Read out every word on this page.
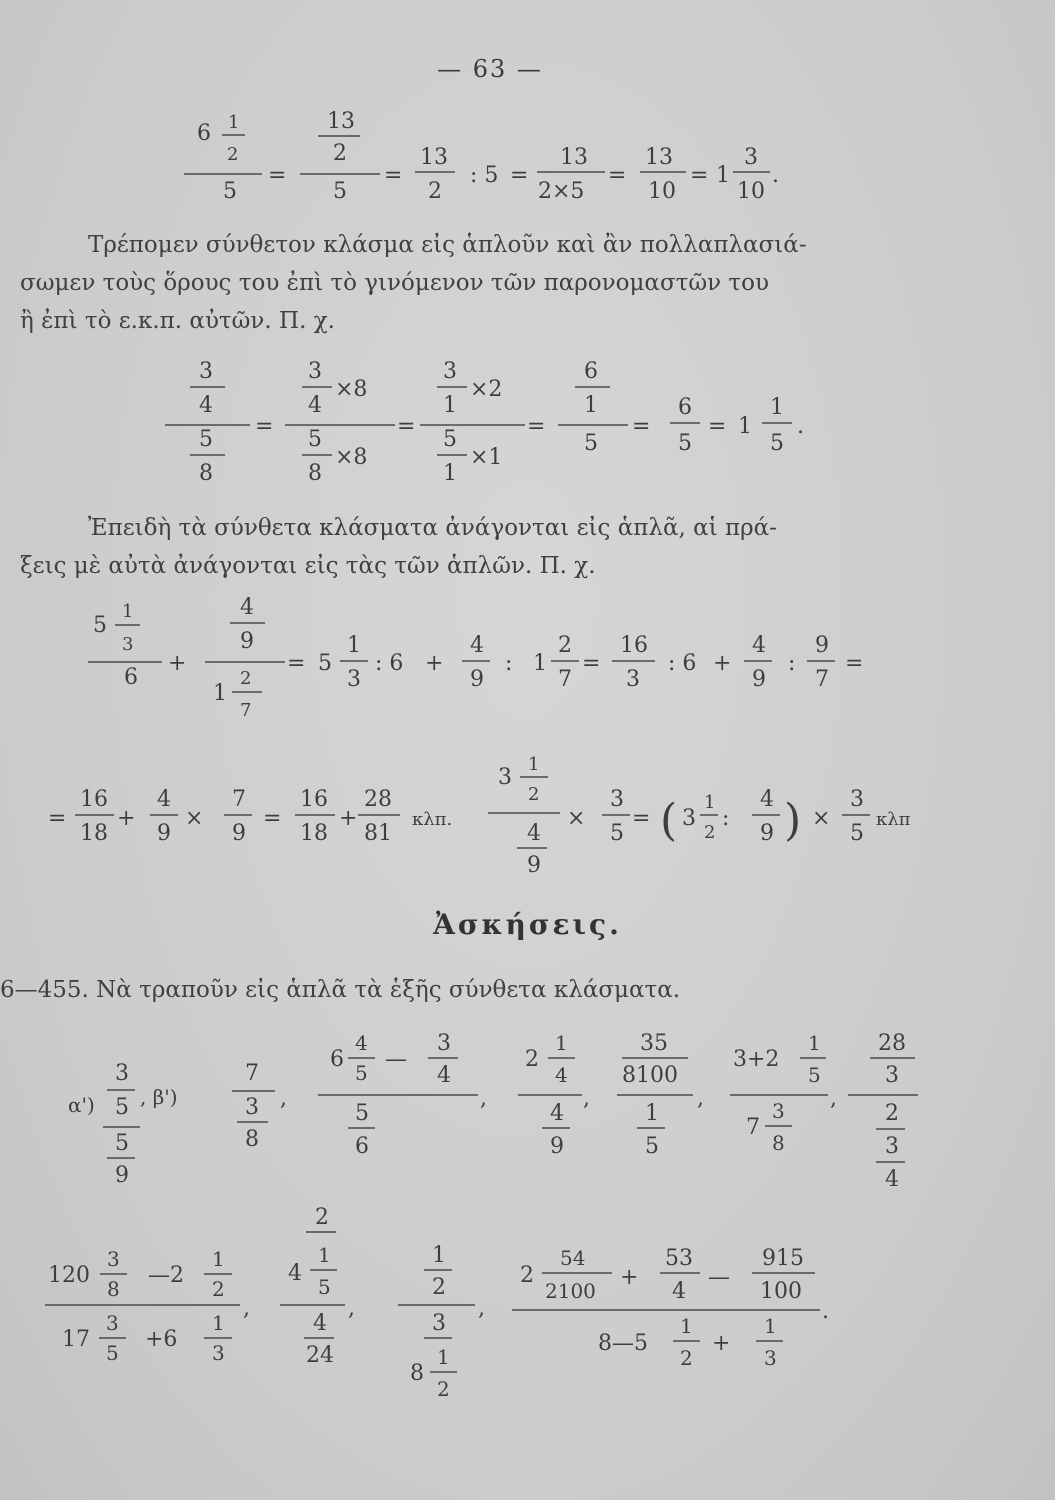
— 63 —

Τρέπομεν σύνθετον κλάσμα εἰς ἁπλοῦν καὶ ἂν πολλαπλασιά-

σωμεν τοὺς ὅρους του ἐπὶ τὸ γινόμενον τῶν παρονομαστῶν του

ἢ ἐπὶ τὸ ε.κ.π. αὐτῶν. Π. χ.

Ἐπειδὴ τὰ σύνθετα κλάσματα ἀνάγονται εἰς ἁπλᾶ, αἱ πρά-

ξεις μὲ αὐτὰ ἀνάγονται εἰς τὰς τῶν ἁπλῶν. Π. χ.

Ἀσκήσεις.
6—455. Νὰ τραποῦν εἰς ἁπλᾶ τὰ ἑξῆς σύνθετα κλάσματα.
6 1
2
5
=
13
2
5
=
13
2
: 5 =
13
2×5
=
13
10
= 1
3
10
.
3
4
5
8
=
3
4
×8
5
8
×8
=
3
1
×2
5
1
×1
=
6
1
5
=
6
5
= 1
1
5
.
5
1
3
6
+
4
9
1
2
7
= 5
1
3
: 6 +
4
9
: 1
2
7
=
16
3
: 6 +
4
9
:
9
7
=
=
16
18
+
4
9
×
7
9
=
16
18
+
28
81
κλπ.
3
1
2
4
9
×
3
5
= ( 3
1
2
:
4
9 ) ×
3
5
κλπ
α')
3
5
5
9
, β')
7
3
8
,
6
4
5
—
3
4
5
6
,
2
1
4
4
9
,
35
8100
1
5
,
3+2
1
5
7
3
8
,
28
3
2
3
4
120
3
8
—2
1
2
,
17
3
5
+6
1
3
2
4
1
5
,
4
24
1
2
,
3
8
1
2
2
54
2100
+
53
4
—
915
100
.
8—5
1
2
+
1
3
